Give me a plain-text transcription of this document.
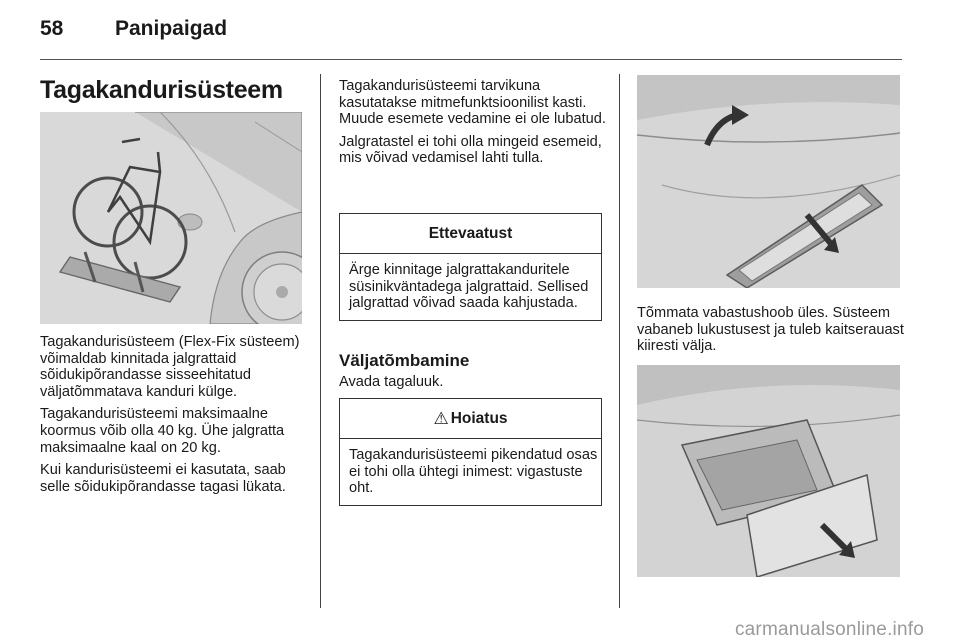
58 Panipaigad
Tagakandurisüsteem

Tagakandurisüsteem (Flex-Fix süsteem) võimaldab kinnitada jalgrattaid sõidukipõrandasse sisseehitatud väljatõmmatava kanduri külge.

Tagakandurisüsteemi maksimaalne koormus võib olla 40 kg. Ühe jalgratta maksimaalne kaal on 20 kg.

Kui kandurisüsteemi ei kasutata, saab selle sõidukipõrandasse tagasi lükata.

Tagakandurisüsteemi tarvikuna kasutatakse mitmefunktsioonilist kasti. Muude esemete vedamine ei ole lubatud.

Jalgratastel ei tohi olla mingeid esemeid, mis võivad vedamisel lahti tulla.

Ettevaatust
Ärge kinnitage jalgrattakanduritele süsinikväntadega jalgrattaid. Sellised jalgrattad võivad saada kahjustada.
Väljatõmbamine
Avada tagaluuk.
⚠ Hoiatus
Tagakandurisüsteemi pikendatud osas ei tohi olla ühtegi inimest: vigastuste oht.
Tõmmata vabastushoob üles. Süsteem vabaneb lukustusest ja tuleb kaitserauast kiiresti välja.
carmanualsonline.info
